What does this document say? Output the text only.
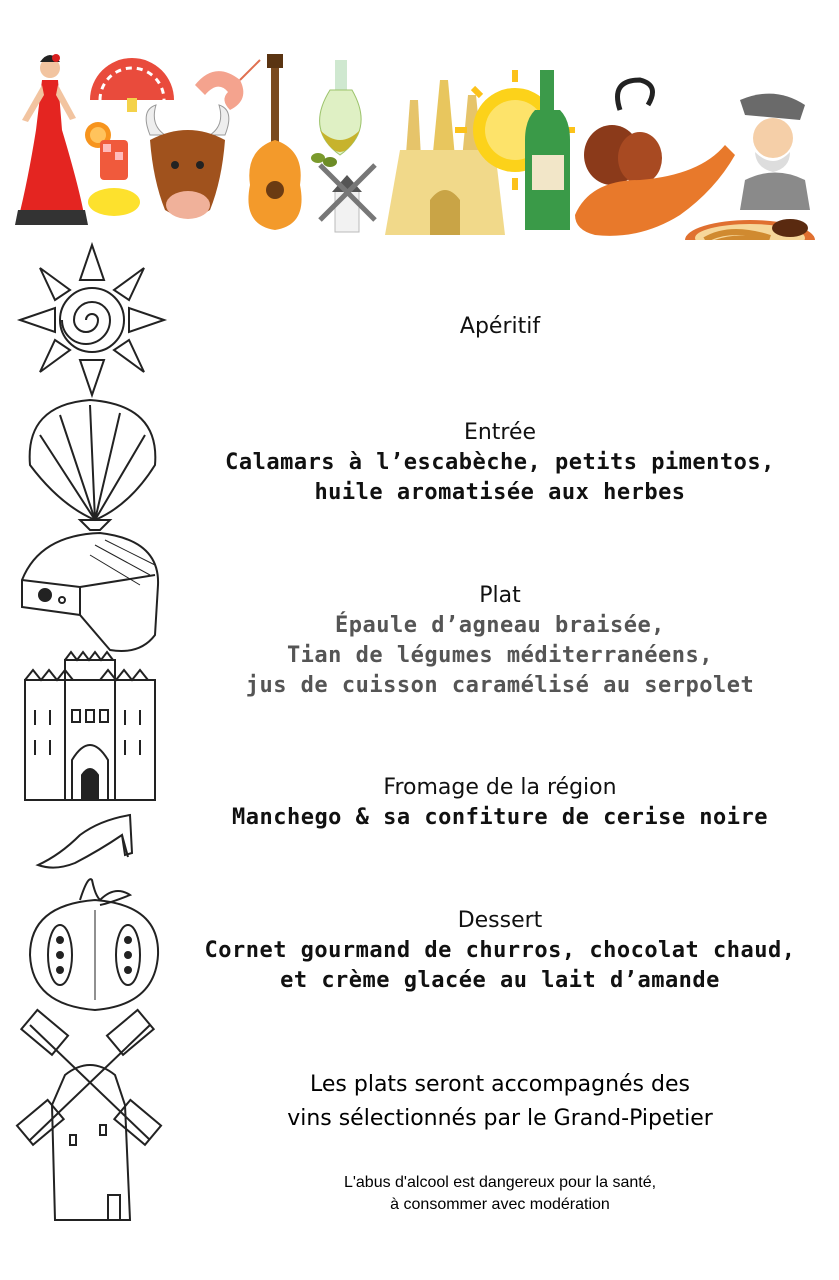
Apéritif
Entrée
Calamars à l’escabèche, petits pimentos,
huile aromatisée aux herbes
Plat
Épaule d’agneau braisée,
Tian de légumes méditerranéens,
jus de cuisson caramélisé au serpolet
Fromage de la région
Manchego & sa confiture de cerise noire
Dessert
Cornet gourmand de churros, chocolat chaud,
et crème glacée au lait d’amande
Les plats seront accompagnés des
vins sélectionnés par le Grand-Pipetier
L'abus d'alcool est dangereux pour la santé,
à consommer avec modération
